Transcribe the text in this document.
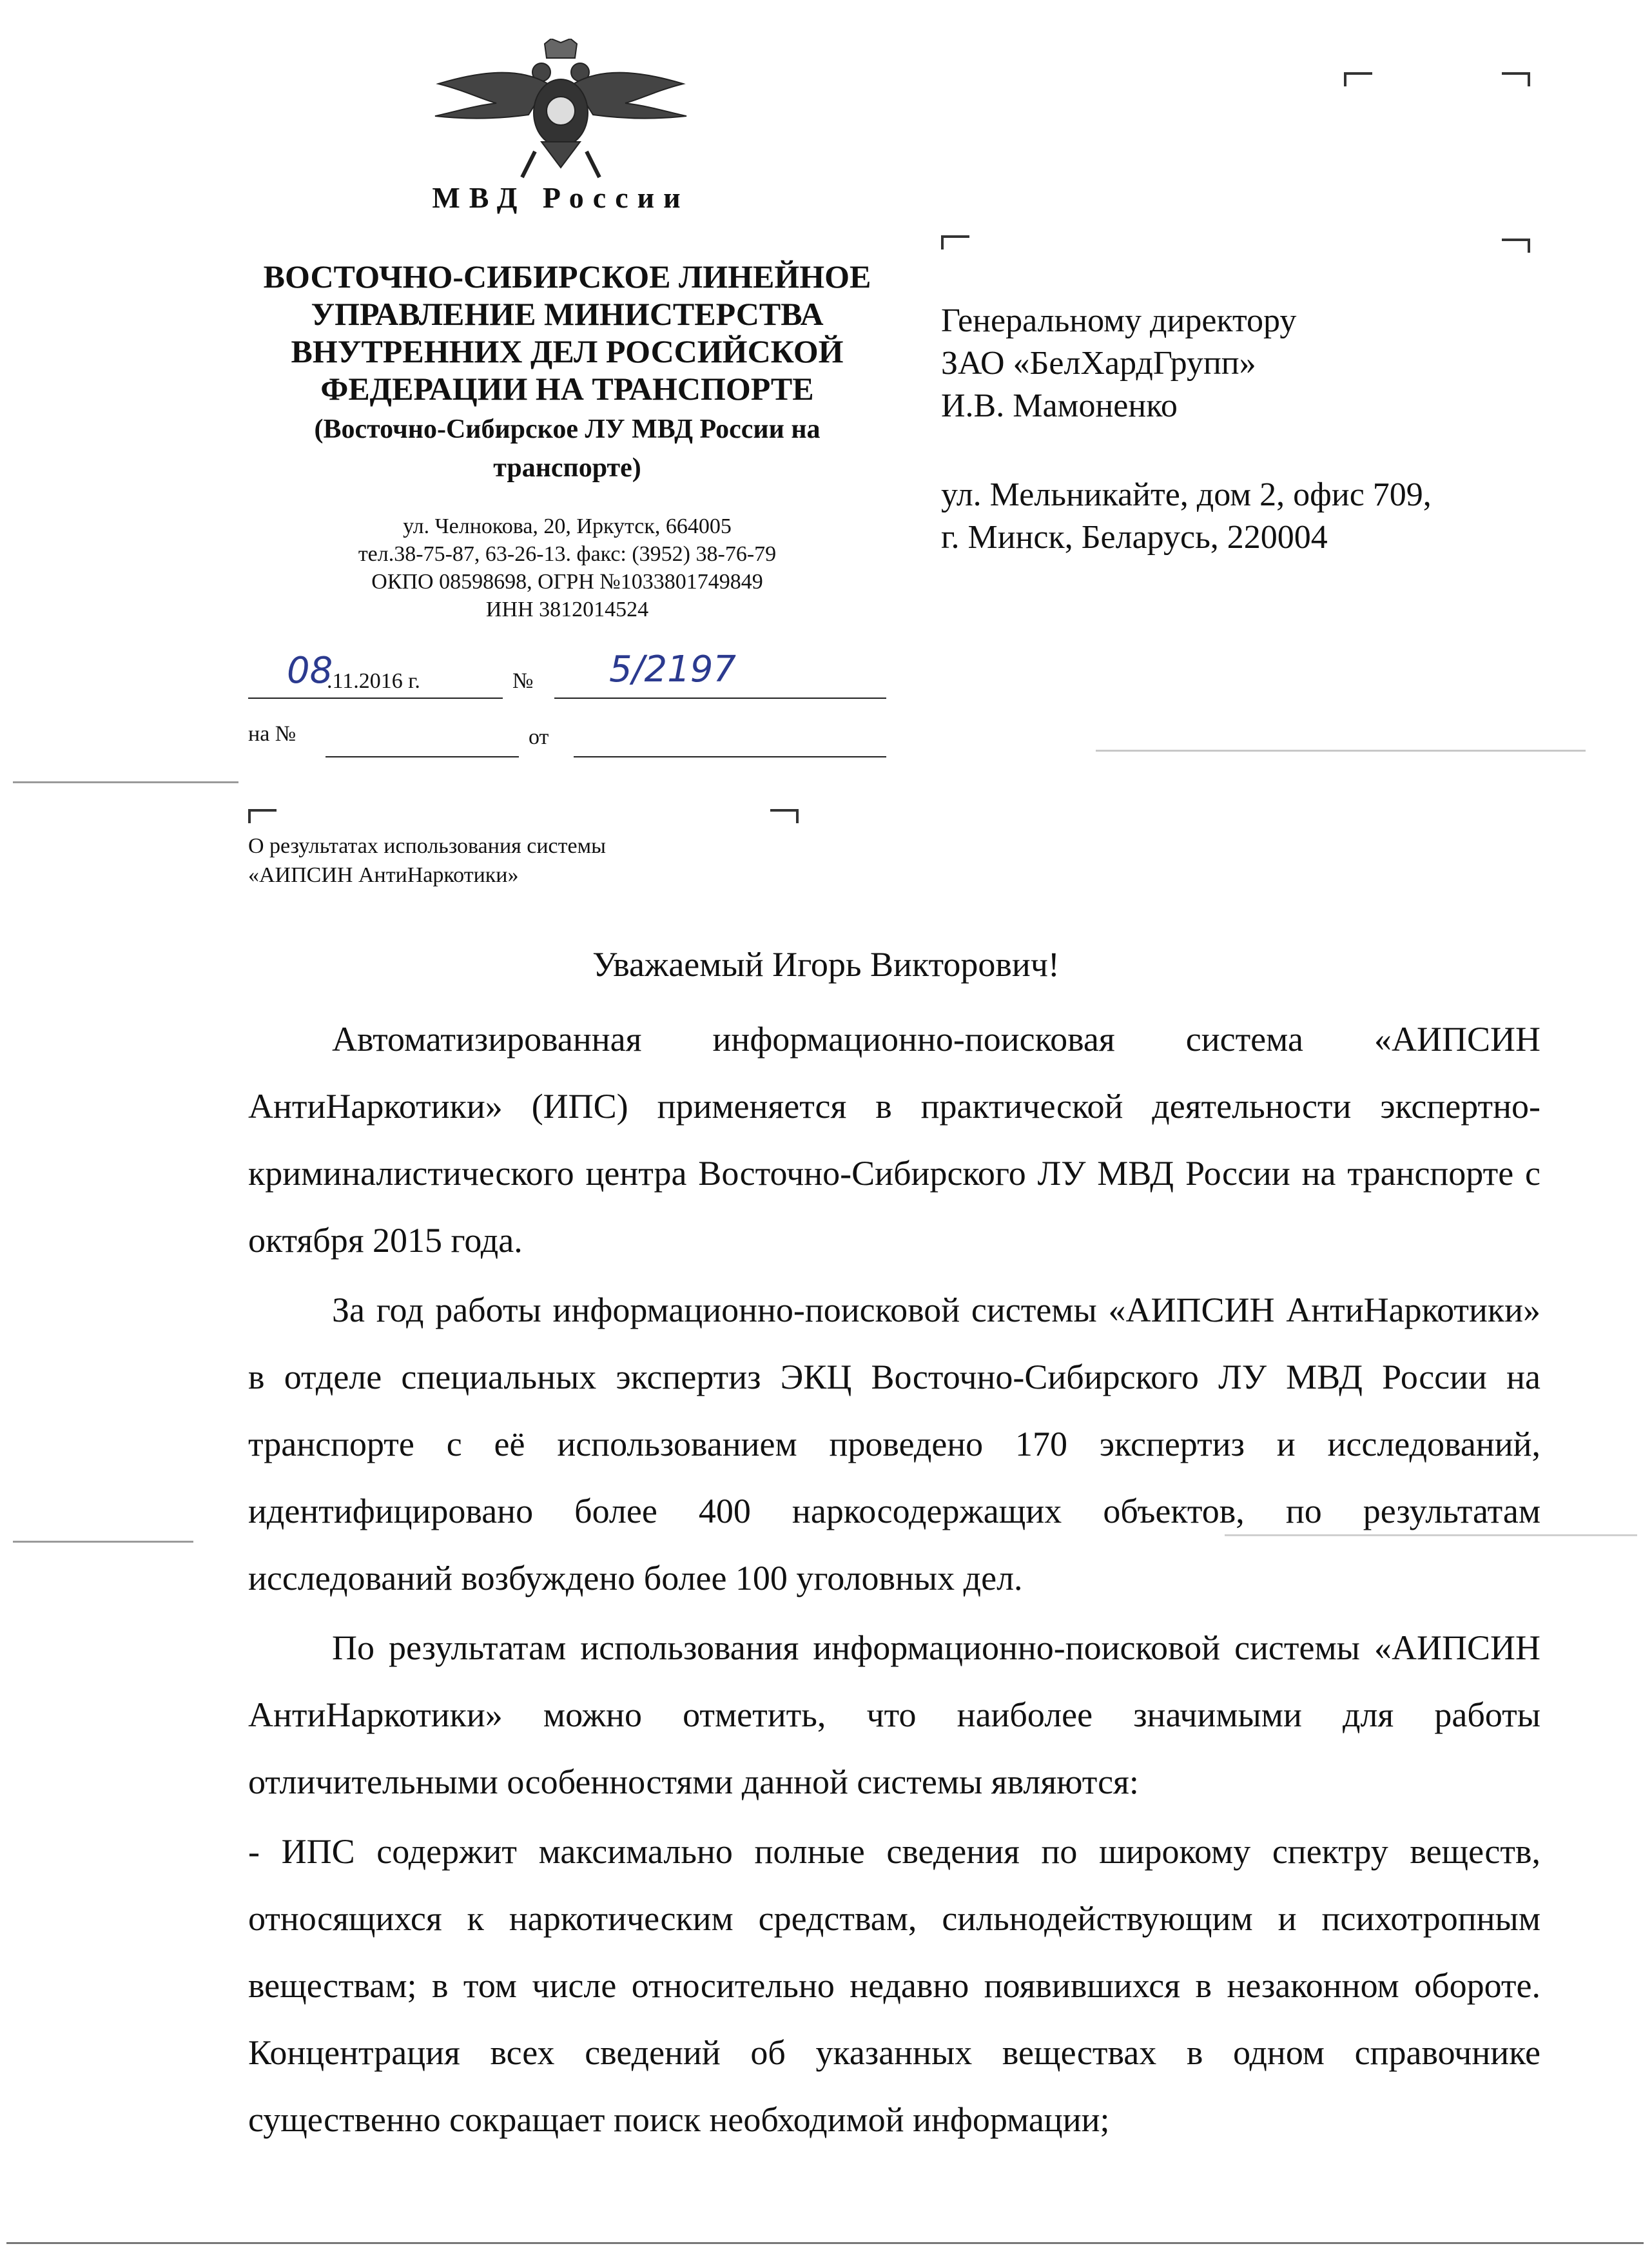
МВД России
ВОСТОЧНО-СИБИРСКОЕ ЛИНЕЙНОЕ
УПРАВЛЕНИЕ МИНИСТЕРСТВА
ВНУТРЕННИХ ДЕЛ РОССИЙСКОЙ
ФЕДЕРАЦИИ НА ТРАНСПОРТЕ
(Восточно-Сибирское ЛУ МВД России на
транспорте)
ул. Челнокова, 20, Иркутск, 664005
тел.38-75-87, 63-26-13. факс: (3952) 38-76-79
ОКПО 08598698, ОГРН №1033801749849
ИНН 3812014524
08
.11.2016 г.	№ 5/2197
на №	от
О результатах использования системы
«АИПСИН АнтиНаркотики»
Генеральному директору
ЗАО «БелХардГрупп»
И.В. Мамоненко
ул. Мельникайте, дом 2, офис 709,
г. Минск, Беларусь, 220004
Уважаемый Игорь Викторович!

Автоматизированная информационно-поисковая система «АИПСИН АнтиНаркотики» (ИПС) применяется в практической деятельности экспертно-криминалистического центра Восточно-Сибирского ЛУ МВД России на транспорте с октября 2015 года.

За год работы информационно-поисковой системы «АИПСИН АнтиНаркотики» в отделе специальных экспертиз ЭКЦ Восточно-Сибирского ЛУ МВД России на транспорте с её использованием проведено 170 экспертиз и исследований, идентифицировано более 400 наркосодержащих объектов, по результатам исследований возбуждено более 100 уголовных дел.

По результатам использования информационно-поисковой системы «АИПСИН АнтиНаркотики» можно отметить, что наиболее значимыми для работы отличительными особенностями данной системы являются:

- ИПС содержит максимально полные сведения по широкому спектру веществ, относящихся к наркотическим средствам, сильнодействующим и психотропным веществам; в том числе относительно недавно появившихся в незаконном обороте. Концентрация всех сведений об указанных веществах в одном справочнике существенно сокращает поиск необходимой информации;
